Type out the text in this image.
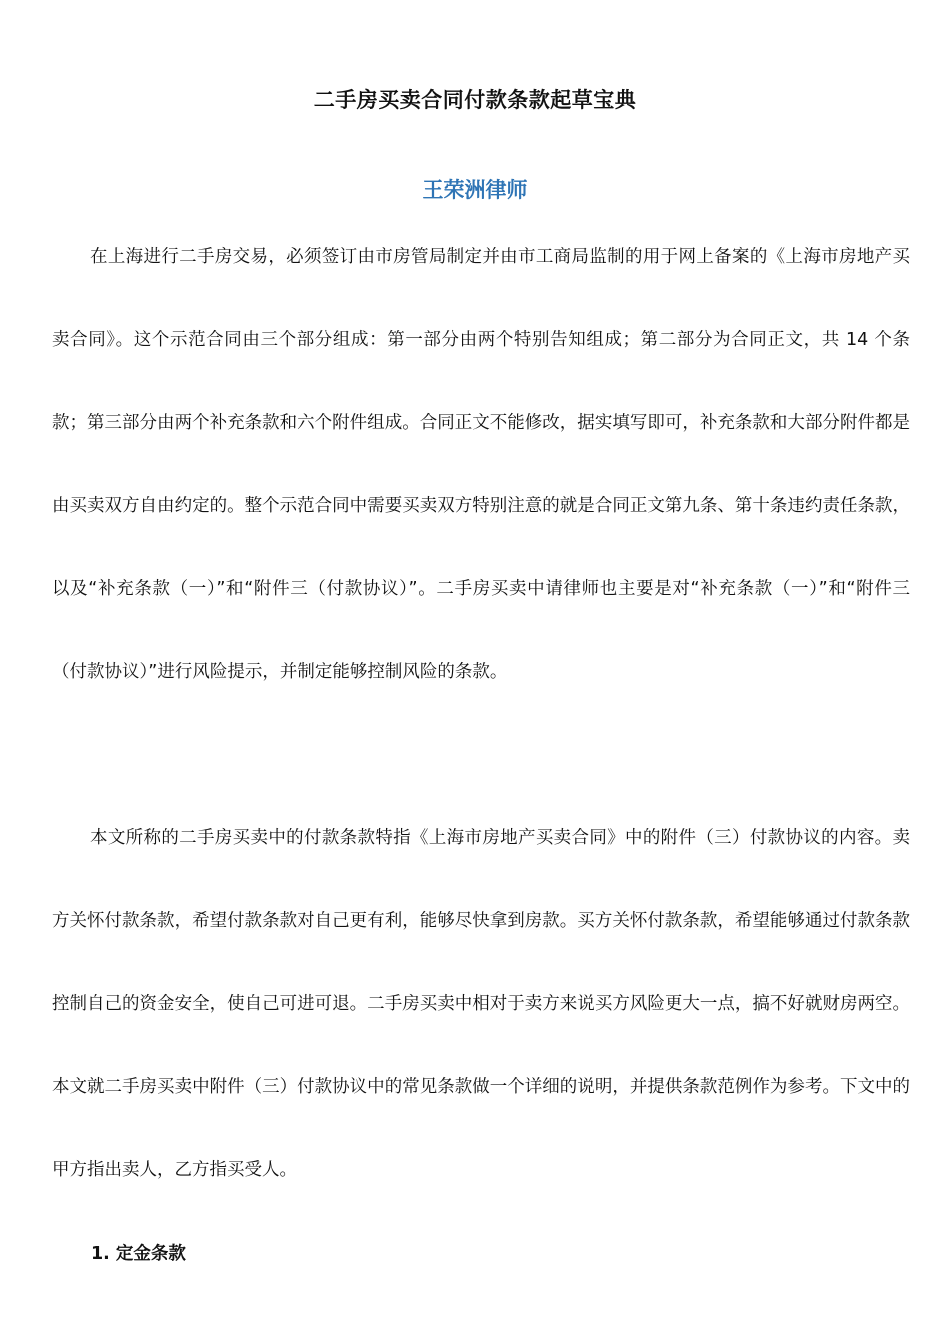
二手房买卖合同付款条款起草宝典
王荣洲律师

在上海进行二手房交易，必须签订由市房管局制定并由市工商局监制的用于网上备案的《上海市房地产买卖合同》。这个示范合同由三个部分组成：第一部分由两个特别告知组成；第二部分为合同正文，共 14 个条款；第三部分由两个补充条款和六个附件组成。合同正文不能修改，据实填写即可，补充条款和大部分附件都是由买卖双方自由约定的。整个示范合同中需要买卖双方特别注意的就是合同正文第九条、第十条违约责任条款，以及“补充条款（一）”和“附件三（付款协议）”。二手房买卖中请律师也主要是对“补充条款（一）”和“附件三（付款协议）”进行风险提示，并制定能够控制风险的条款。

本文所称的二手房买卖中的付款条款特指《上海市房地产买卖合同》中的附件（三）付款协议的内容。卖方关怀付款条款，希望付款条款对自己更有利，能够尽快拿到房款。买方关怀付款条款，希望能够通过付款条款控制自己的资金安全，使自己可进可退。二手房买卖中相对于卖方来说买方风险更大一点，搞不好就财房两空。本文就二手房买卖中附件（三）付款协议中的常见条款做一个详细的说明，并提供条款范例作为参考。下文中的甲方指出卖人，乙方指买受人。

1. 定金条款
